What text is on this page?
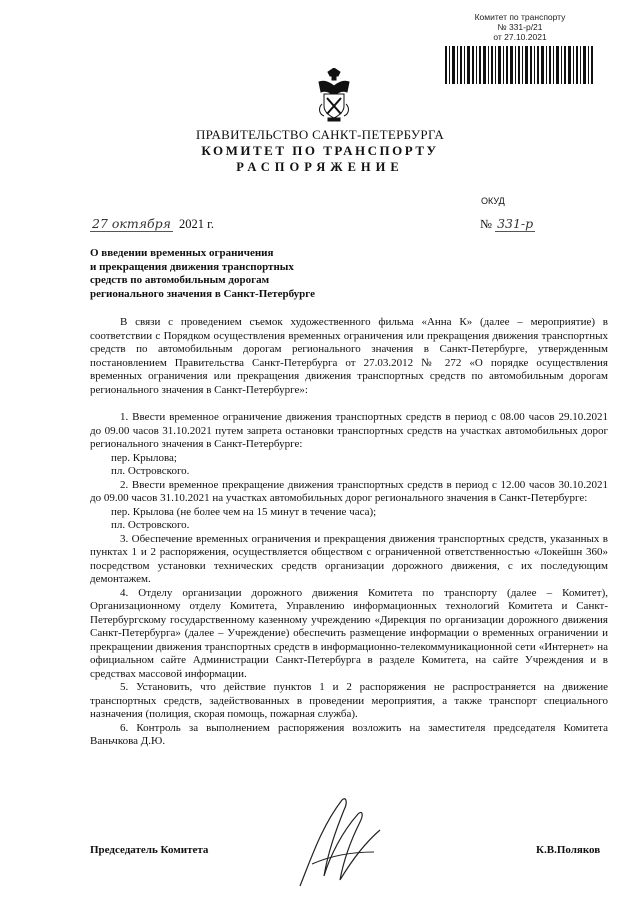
Комитет по транспорту
№ 331-р/21
от 27.10.2021
ПРАВИТЕЛЬСТВО САНКТ-ПЕТЕРБУРГА
КОМИТЕТ ПО ТРАНСПОРТУ
РАСПОРЯЖЕНИЕ
ОКУД
27 октября 2021 г.	№ 331-р
О введении временных ограничения
и прекращения движения транспортных
средств по автомобильным дорогам
регионального значения в Санкт-Петербурге

В связи с проведением съемок художественного фильма «Анна К» (далее – мероприятие) в соответствии с Порядком осуществления временных ограничения или прекращения движения транспортных средств по автомобильным дорогам регионального значения в Санкт-Петербурге, утвержденным постановлением Правительства Санкт-Петербурга от 27.03.2012 № 272 «О порядке осуществления временных ограничения или прекращения движения транспортных средств по автомобильным дорогам регионального значения в Санкт-Петербурге»:

1. Ввести временное ограничение движения транспортных средств в период с 08.00 часов 29.10.2021 до 09.00 часов 31.10.2021 путем запрета остановки транспортных средств на участках автомобильных дорог регионального значения в Санкт-Петербурге:

пер. Крылова;

пл. Островского.

2. Ввести временное прекращение движения транспортных средств в период с 12.00 часов 30.10.2021 до 09.00 часов 31.10.2021 на участках автомобильных дорог регионального значения в Санкт-Петербурге:

пер. Крылова (не более чем на 15 минут в течение часа);

пл. Островского.

3. Обеспечение временных ограничения и прекращения движения транспортных средств, указанных в пунктах 1 и 2 распоряжения, осуществляется обществом с ограниченной ответственностью «Локейшн 360» посредством установки технических средств организации дорожного движения, с их последующим демонтажем.

4. Отделу организации дорожного движения Комитета по транспорту (далее – Комитет), Организационному отделу Комитета, Управлению информационных технологий Комитета и Санкт-Петербургскому государственному казенному учреждению «Дирекция по организации дорожного движения Санкт-Петербурга» (далее – Учреждение) обеспечить размещение информации о временных ограничении и прекращении движения транспортных средств в информационно-телекоммуникационной сети «Интернет» на официальном сайте Администрации Санкт-Петербурга в разделе Комитета, на сайте Учреждения и в средствах массовой информации.

5. Установить, что действие пунктов 1 и 2 распоряжения не распространяется на движение транспортных средств, задействованных в проведении мероприятия, а также транспорт специального назначения (полиция, скорая помощь, пожарная служба).

6. Контроль за выполнением распоряжения возложить на заместителя председателя Комитета Ваньчкова Д.Ю.

Председатель Комитета	К.В.Поляков
